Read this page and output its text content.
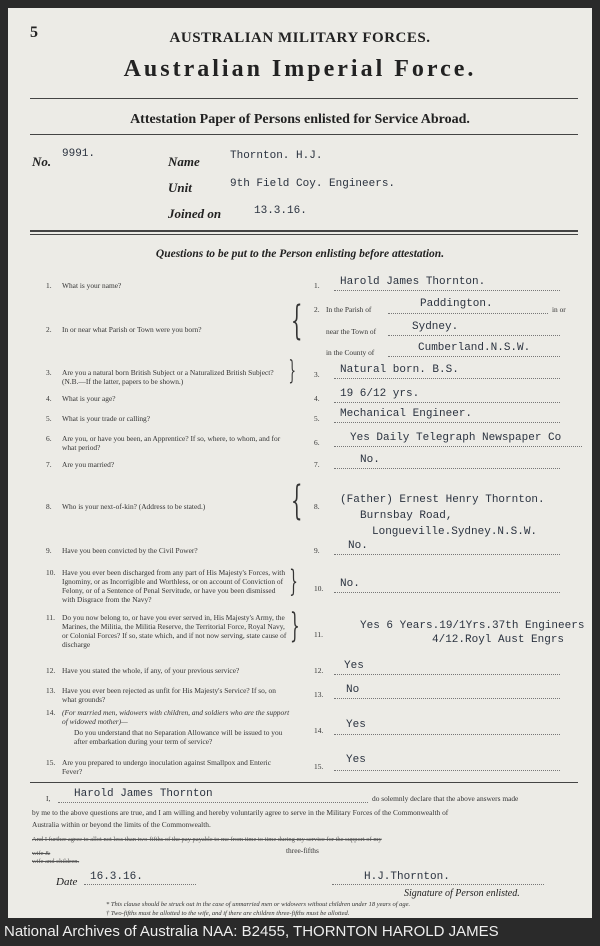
5	AUSTRALIAN MILITARY FORCES.
Australian Imperial Force.
Attestation Paper of Persons enlisted for Service Abroad.
No. 9991.	Name	Thornton. H.J.
Unit	9th Field Coy. Engineers.
Joined on	13.3.16.
Questions to be put to the Person enlisting before attestation.
1. What is your name?	1. Harold James Thornton.
2. In or near what Parish or Town were you born?	{ 2. In the Parish of	Paddington.	in or
near the Town of	Sydney.
in the County of	Cumberland.N.S.W.
3. Are you a natural born British Subject or a Naturalized British Subject? (N.B.—If the latter, papers to be shown.)	} 3. Natural born. B.S.
4. What is your age?	4. 19 6/12 yrs.
5. What is your trade or calling?	5. Mechanical Engineer.
6. Are you, or have you been, an Apprentice? If so, where, to whom, and for what period?
6.	Yes Daily Telegraph Newspaper Co
7. Are you married?	7.	No.
8. Who is your next-of-kin? (Address to be stated.)	{ 8.
(Father) Ernest Henry Thornton.
Burnsbay Road,
Longueville.Sydney.N.S.W.
9. Have you been convicted by the Civil Power?	9.	No.
10. Have you ever been discharged from any part of His Majesty's Forces, with Ignominy, or as Incorrigible and Worthless, or on account of Conviction of Felony, or of a Sentence of Penal Servitude, or have you been dismissed with Disgrace from the Navy?
} 10. No.
11. Do you now belong to, or have you ever served in, His Majesty's Army, the Marines, the Militia, the Militia Reserve, the Territorial Force, Royal Navy, or Colonial Forces? If so, state which, and if not now serving, state cause of discharge	} 11.
Yes 6 Years.19/1Yrs.37th Engineers
4/12.Royl Aust Engrs
12. Have you stated the whole, if any, of your previous service?	12. Yes
13. Have you ever been rejected as unfit for His Majesty's Service? If so, on what grounds?
13. No
14. (For married men, widowers with children, and soldiers who are the support of widowed mother)—
Do you understand that no Separation Allowance will be issued to you after embarkation during your term of service?
14. Yes
15. Are you prepared to undergo inoculation against Smallpox and Enteric Fever?
15.
Yes
I, Harold James Thornton	do solemnly declare that the above answers made
by me to the above questions are true, and I am willing and hereby voluntarily agree to serve in the Military Forces of the Commonwealth of
Australia within or beyond the limits of the Commonwealth.
And I further agree to allot not less than two-fifths of the pay payable to me from time to time during my service for the support of my
three-fifths
wife &
wife and children.
Date 16.3.16.	H.J.Thornton.
Signature of Person enlisted.
* This clause should be struck out in the case of unmarried men or widowers without children under 18 years of age.
† Two-fifths must be allotted to the wife, and if there are children three-fifths must be allotted.
National Archives of Australia NAA: B2455, THORNTON HAROLD JAMES
